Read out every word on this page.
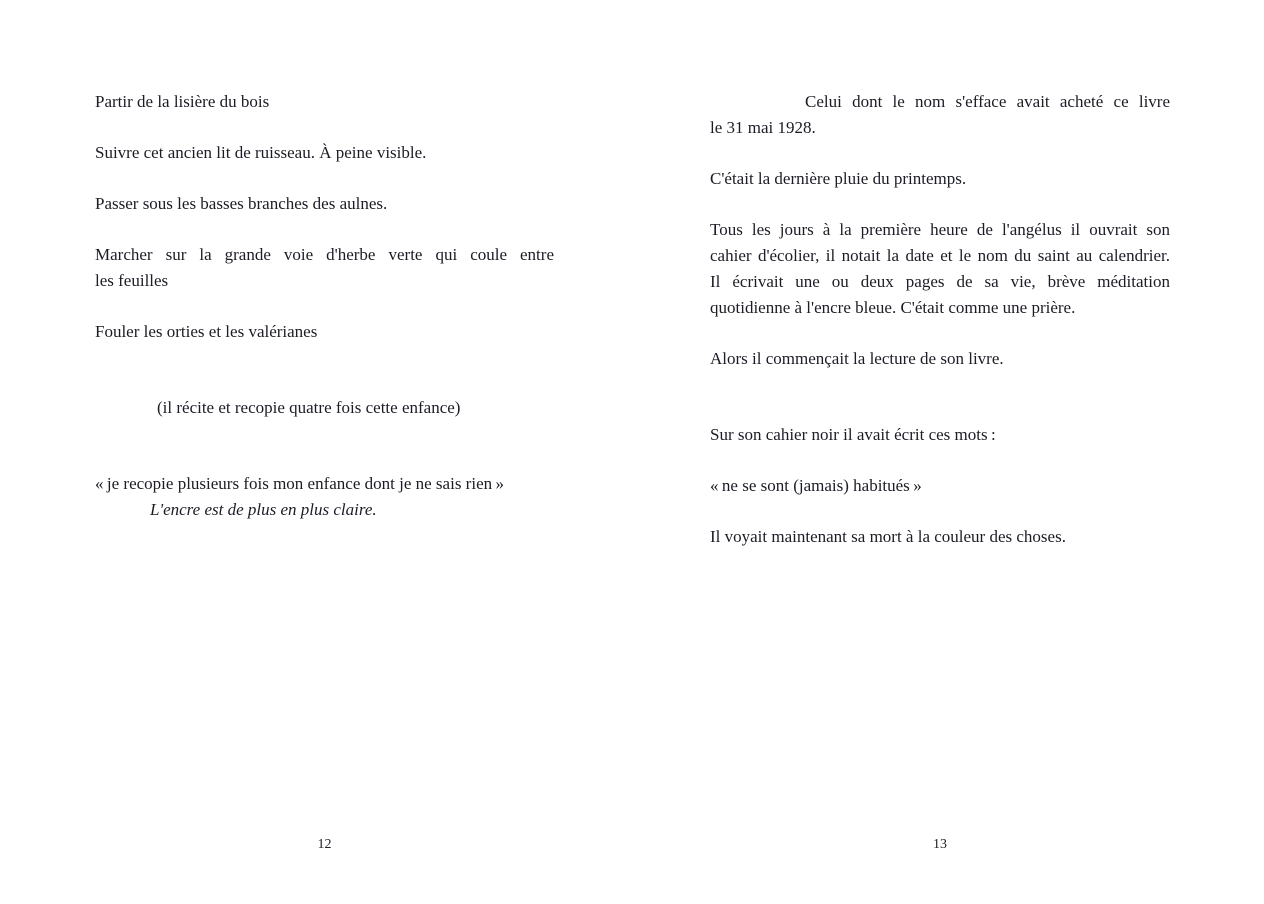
Partir de la lisière du bois

Suivre cet ancien lit de ruisseau. À peine visible.

Passer sous les basses branches des aulnes.

Marcher sur la grande voie d'herbe verte qui coule entre
les feuilles

Fouler les orties et les valérianes

(il récite et recopie quatre fois cette enfance)

« je recopie plusieurs fois mon enfance dont je ne sais rien »

L'encre est de plus en plus claire.

12

Celui dont le nom s'efface avait acheté ce livre
le 31 mai 1928.

C'était la dernière pluie du printemps.

Tous les jours à la première heure de l'angélus il ouvrait son
cahier d'écolier, il notait la date et le nom du saint au calendrier.
Il écrivait une ou deux pages de sa vie, brève méditation
quotidienne à l'encre bleue. C'était comme une prière.

Alors il commençait la lecture de son livre.

Sur son cahier noir il avait écrit ces mots :

« ne se sont (jamais) habitués »

Il voyait maintenant sa mort à la couleur des choses.

13
